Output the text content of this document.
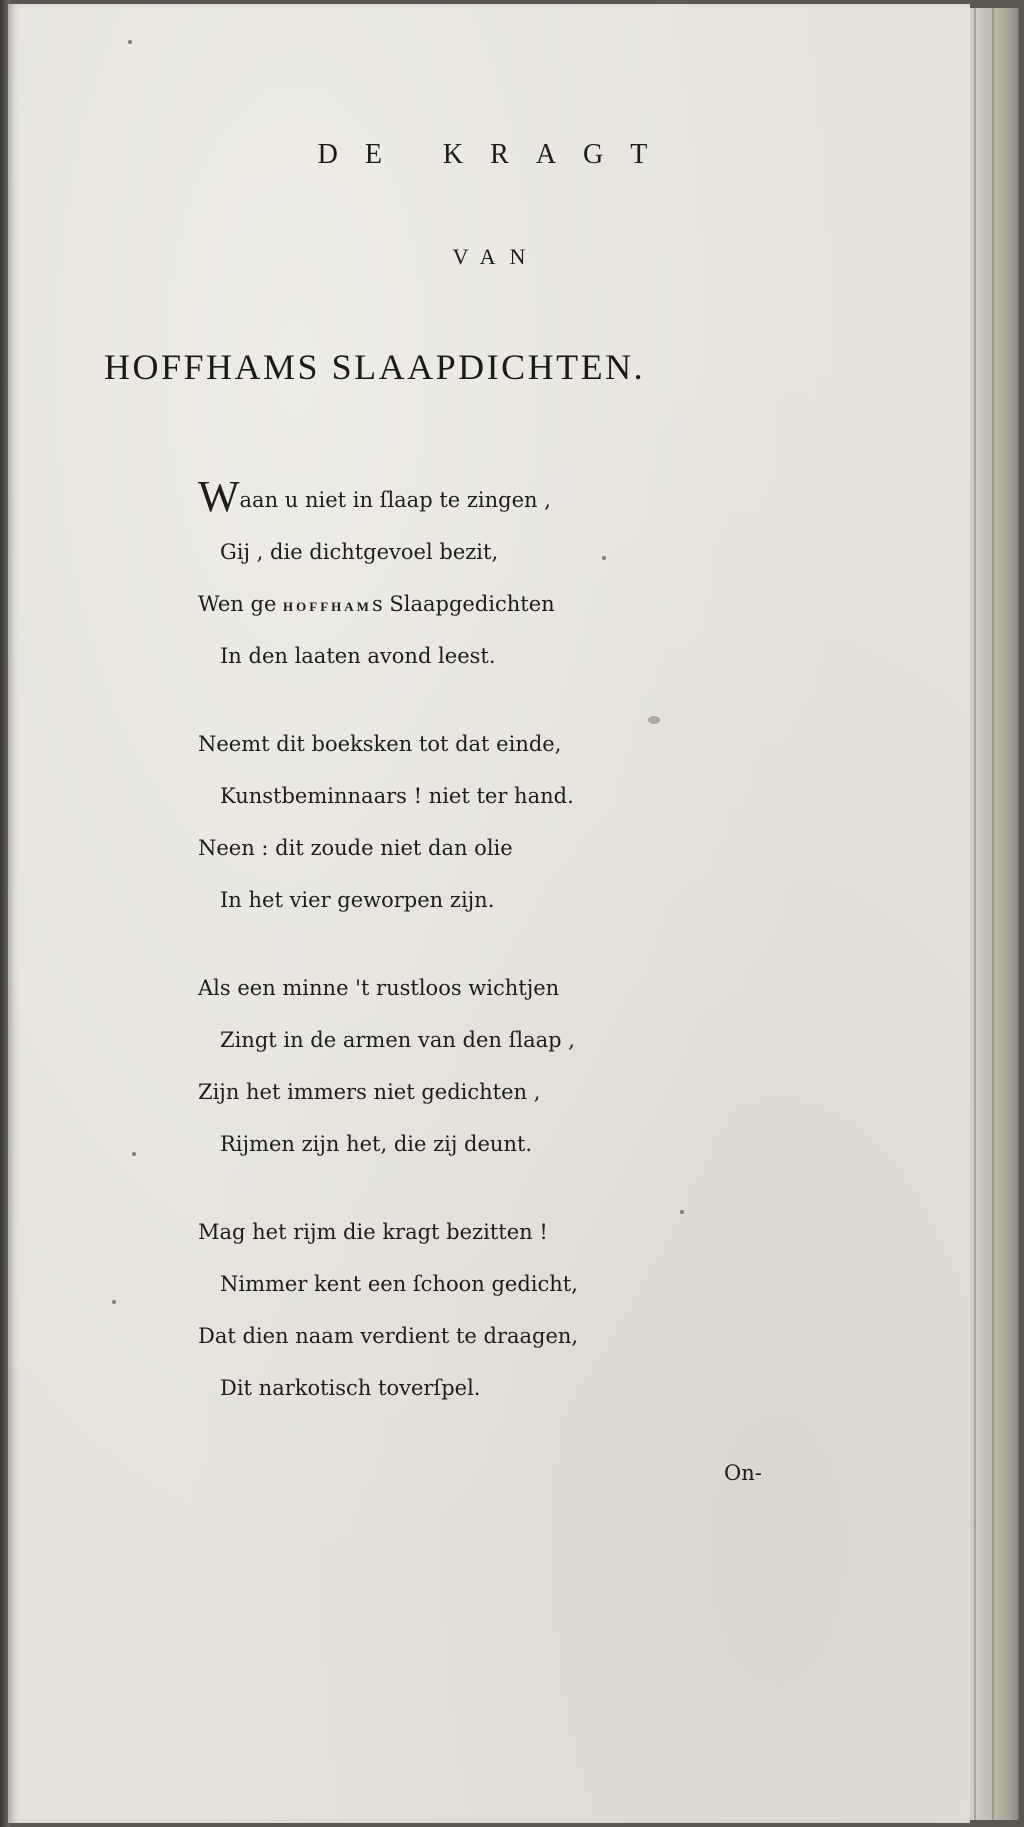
DE KRAGT
VAN
HOFFHAMS SLAAPDICHTEN.
Waan u niet in ſlaap te zingen ,
Gij , die dichtgevoel bezit,
Wen ge HOFFHAMs Slaapgedichten
In den laaten avond leest.
Neemt dit boeksken tot dat einde,
Kunstbeminnaars ! niet ter hand.
Neen : dit zoude niet dan olie
In het vier geworpen zijn.
Als een minne 't rustloos wichtjen
Zingt in de armen van den ſlaap ,
Zijn het immers niet gedichten ,
Rijmen zijn het, die zij deunt.
Mag het rijm die kragt bezitten !
Nimmer kent een ſchoon gedicht,
Dat dien naam verdient te draagen,
Dit narkotisch toverſpel.
On-
